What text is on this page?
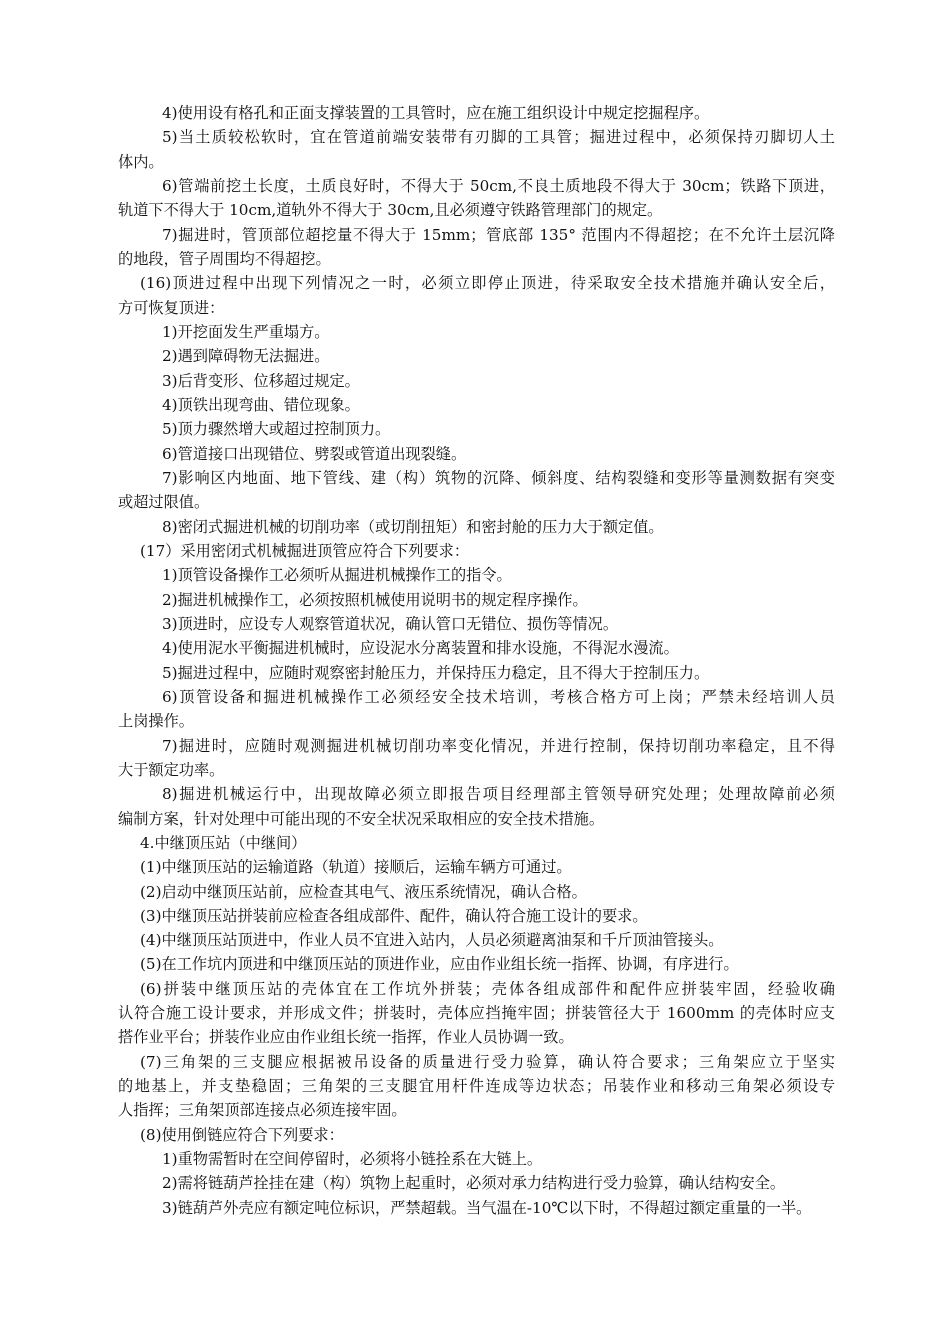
4)使用设有格孔和正面支撑装置的工具管时，应在施工组织设计中规定挖掘程序。
5)当土质较松软时，宜在管道前端安装带有刃脚的工具管；掘进过程中，必须保持刃脚切人土
体内。
6)管端前挖土长度，土质良好时，不得大于 50cm,不良土质地段不得大于 30cm；铁路下顶进，
轨道下不得大于 10cm,道轨外不得大于 30cm,且必须遵守铁路管理部门的规定。
7)掘进时，管顶部位超挖量不得大于 15mm；管底部 135° 范围内不得超挖；在不允许土层沉降
的地段，管子周围均不得超挖。
(16)顶进过程中出现下列情况之一时，必须立即停止顶进，待采取安全技术措施并确认安全后，
方可恢复顶进：
1)开挖面发生严重塌方。
2)遇到障碍物无法掘进。
3)后背变形、位移超过规定。
4)顶铁出现弯曲、错位现象。
5)顶力骤然增大或超过控制顶力。
6)管道接口出现错位、劈裂或管道出现裂缝。
7)影响区内地面、地下管线、建（构）筑物的沉降、倾斜度、结构裂缝和变形等量测数据有突变
或超过限值。
8)密闭式掘进机械的切削功率（或切削扭矩）和密封舱的压力大于额定值。
(17）采用密闭式机械掘进顶管应符合下列要求：
1)顶管设备操作工必须听从掘进机械操作工的指令。
2)掘进机械操作工，必须按照机械使用说明书的规定程序操作。
3)顶进时，应设专人观察管道状况，确认管口无错位、损伤等情况。
4)使用泥水平衡掘进机械时，应设泥水分离装置和排水设施，不得泥水漫流。
5)掘进过程中，应随时观察密封舱压力，并保持压力稳定，且不得大于控制压力。
6)顶管设备和掘进机械操作工必须经安全技术培训，考核合格方可上岗；严禁未经培训人员
上岗操作。
7)掘进时，应随时观测掘进机械切削功率变化情况，并进行控制，保持切削功率稳定，且不得
大于额定功率。
8)掘进机械运行中，出现故障必须立即报告项目经理部主管领导研究处理；处理故障前必须
编制方案，针对处理中可能出现的不安全状况采取相应的安全技术措施。
4.中继顶压站（中继间）
(1)中继顶压站的运输道路（轨道）接顺后，运输车辆方可通过。
(2)启动中继顶压站前，应检查其电气、液压系统情况，确认合格。
(3)中继顶压站拼装前应检查各组成部件、配件，确认符合施工设计的要求。
(4)中继顶压站顶进中，作业人员不宜进入站内，人员必须避离油泵和千斤顶油管接头。
(5)在工作坑内顶进和中继顶压站的顶进作业，应由作业组长统一指挥、协调，有序进行。
(6)拼装中继顶压站的壳体宜在工作坑外拼装；壳体各组成部件和配件应拼装牢固，经验收确
认符合施工设计要求，并形成文件；拼装时，壳体应挡掩牢固；拼装管径大于 1600mm 的壳体时应支
搭作业平台；拼装作业应由作业组长统一指挥，作业人员协调一致。
(7)三角架的三支腿应根据被吊设备的质量进行受力验算，确认符合要求；三角架应立于坚实
的地基上，并支垫稳固；三角架的三支腿宜用杆件连成等边状态；吊装作业和移动三角架必须设专
人指挥；三角架顶部连接点必须连接牢固。
(8)使用倒链应符合下列要求：
1)重物需暂时在空间停留时，必须将小链拴系在大链上。
2)需将链葫芦拴挂在建（构）筑物上起重时，必须对承力结构进行受力验算，确认结构安全。
3)链葫芦外壳应有额定吨位标识，严禁超载。当气温在-10℃以下时，不得超过额定重量的一半。
